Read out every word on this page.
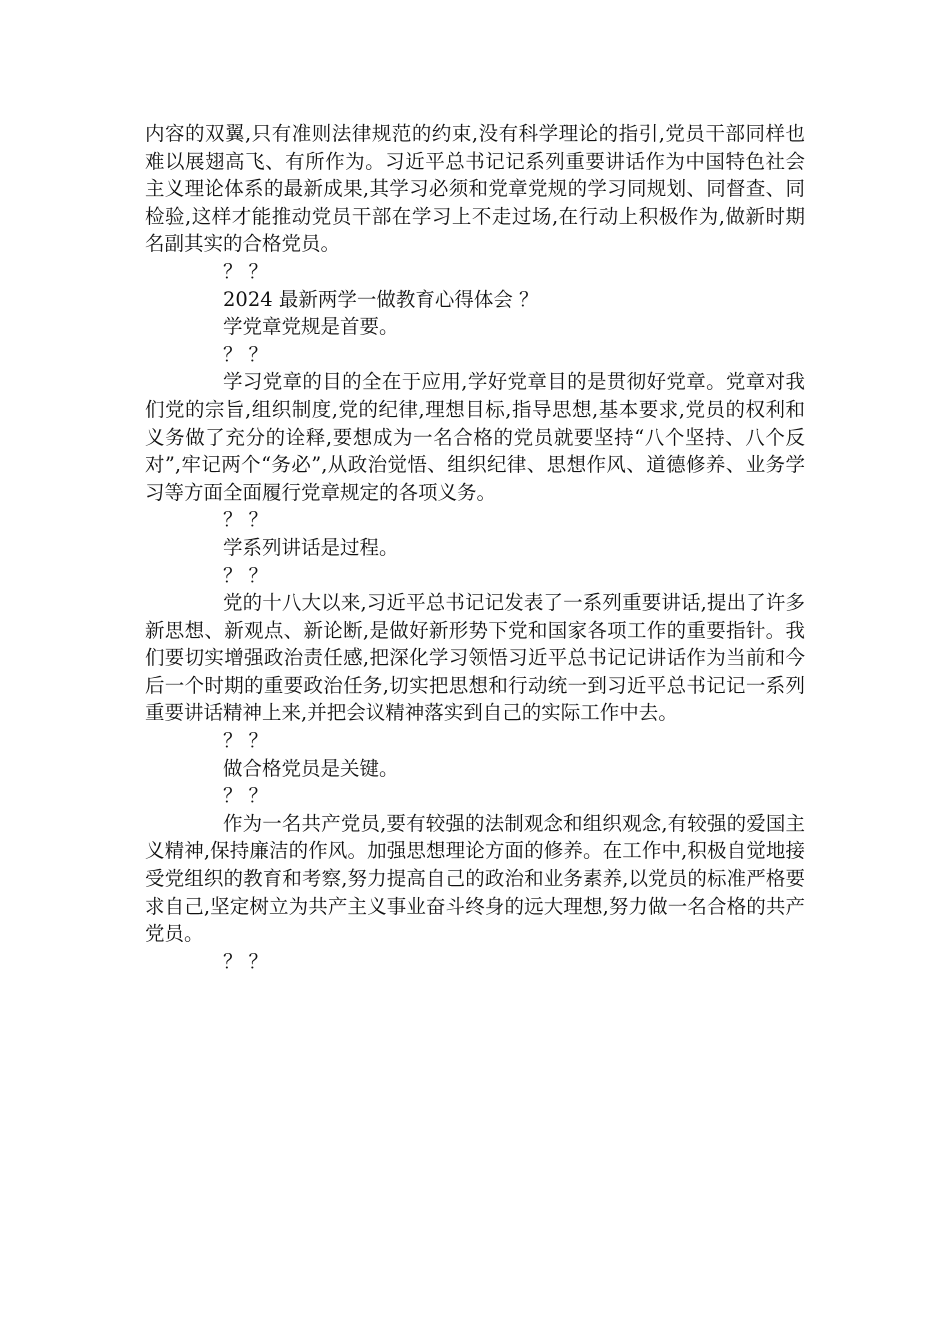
内容的双翼,只有准则法律规范的约束,没有科学理论的指引,党员干部同样也难以展翅高飞、有所作为。习近平总书记记系列重要讲话作为中国特色社会主义理论体系的最新成果,其学习必须和党章党规的学习同规划、同督查、同检验,这样才能推动党员干部在学习上不走过场,在行动上积极作为,做新时期名副其实的合格党员。

？？

2024 最新两学一做教育心得体会 ？

学党章党规是首要。

？？

学习党章的目的全在于应用,学好党章目的是贯彻好党章。党章对我们党的宗旨,组织制度,党的纪律,理想目标,指导思想,基本要求,党员的权利和义务做了充分的诠释,要想成为一名合格的党员就要坚持“八个坚持、八个反对”,牢记两个“务必”,从政治觉悟、组织纪律、思想作风、道德修养、业务学习等方面全面履行党章规定的各项义务。

？？

学系列讲话是过程。

？？

党的十八大以来,习近平总书记记发表了一系列重要讲话,提出了许多新思想、新观点、新论断,是做好新形势下党和国家各项工作的重要指针。我们要切实增强政治责任感,把深化学习领悟习近平总书记记讲话作为当前和今后一个时期的重要政治任务,切实把思想和行动统一到习近平总书记记一系列重要讲话精神上来,并把会议精神落实到自己的实际工作中去。

？？

做合格党员是关键。

？？

作为一名共产党员,要有较强的法制观念和组织观念,有较强的爱国主义精神,保持廉洁的作风。加强思想理论方面的修养。在工作中,积极自觉地接受党组织的教育和考察,努力提高自己的政治和业务素养,以党员的标准严格要求自己,坚定树立为共产主义事业奋斗终身的远大理想,努力做一名合格的共产党员。

？？
